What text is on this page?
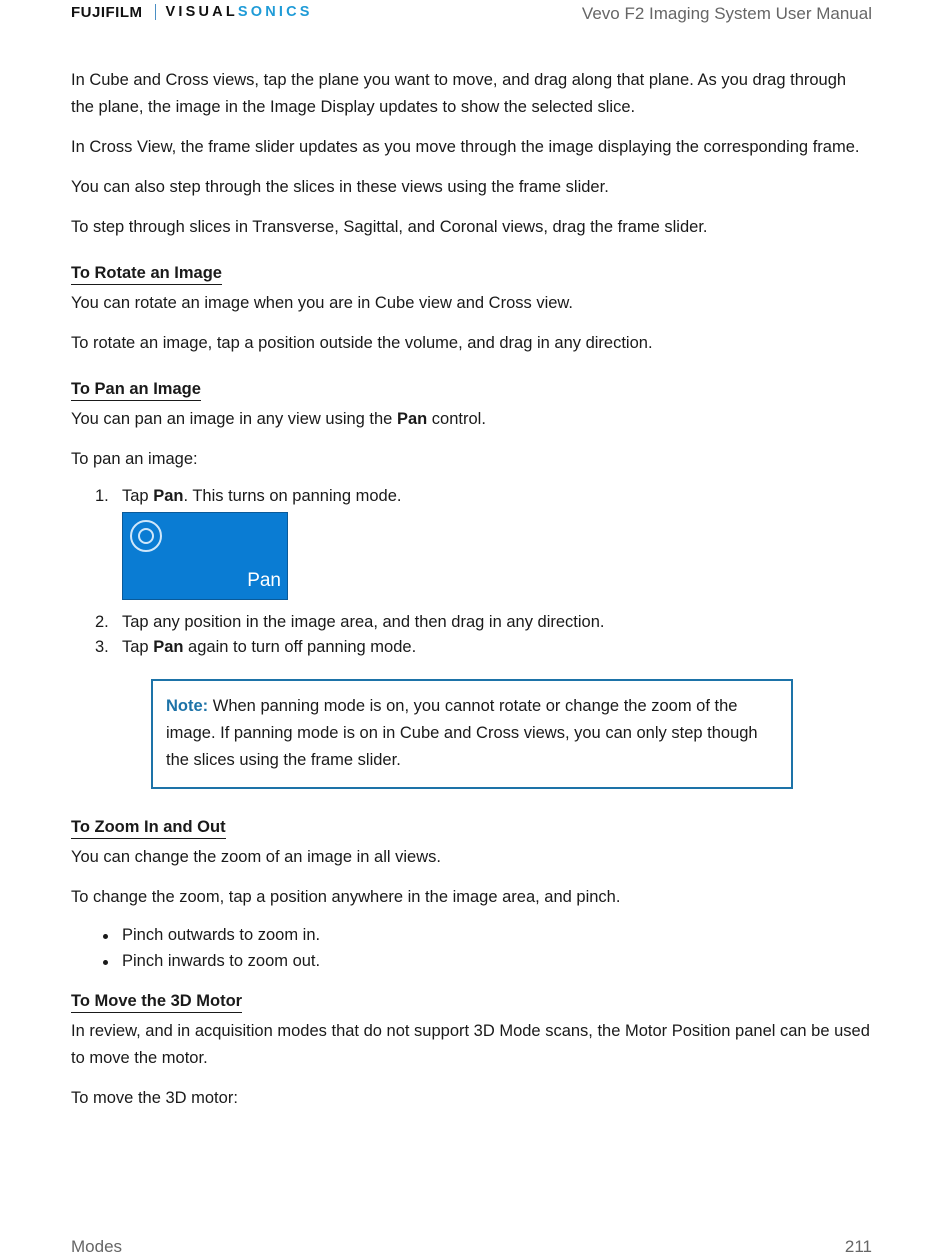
FUJIFILM VISUAL SONICS	Vevo F2 Imaging System User Manual

In Cube and Cross views, tap the plane you want to move, and drag along that plane. As you drag through the plane, the image in the Image Display updates to show the selected slice.

In Cross View, the frame slider updates as you move through the image displaying the corresponding frame.

You can also step through the slices in these views using the frame slider.

To step through slices in Transverse, Sagittal, and Coronal views, drag the frame slider.

To Rotate an Image

You can rotate an image when you are in Cube view and Cross view.

To rotate an image, tap a position outside the volume, and drag in any direction.

To Pan an Image

You can pan an image in any view using the Pan control.

To pan an image:

1. Tap Pan. This turns on panning mode.
Pan
2. Tap any position in the image area, and then drag in any direction.
3. Tap Pan again to turn off panning mode.

Note: When panning mode is on, you cannot rotate or change the zoom of the image. If panning mode is on in Cube and Cross views, you can only step though the slices using the frame slider.

To Zoom In and Out

You can change the zoom of an image in all views.

To change the zoom, tap a position anywhere in the image area, and pinch.

Pinch outwards to zoom in.
Pinch inwards to zoom out.
To Move the 3D Motor

In review, and in acquisition modes that do not support 3D Mode scans, the Motor Position panel can be used to move the motor.

To move the 3D motor:

Modes	211
